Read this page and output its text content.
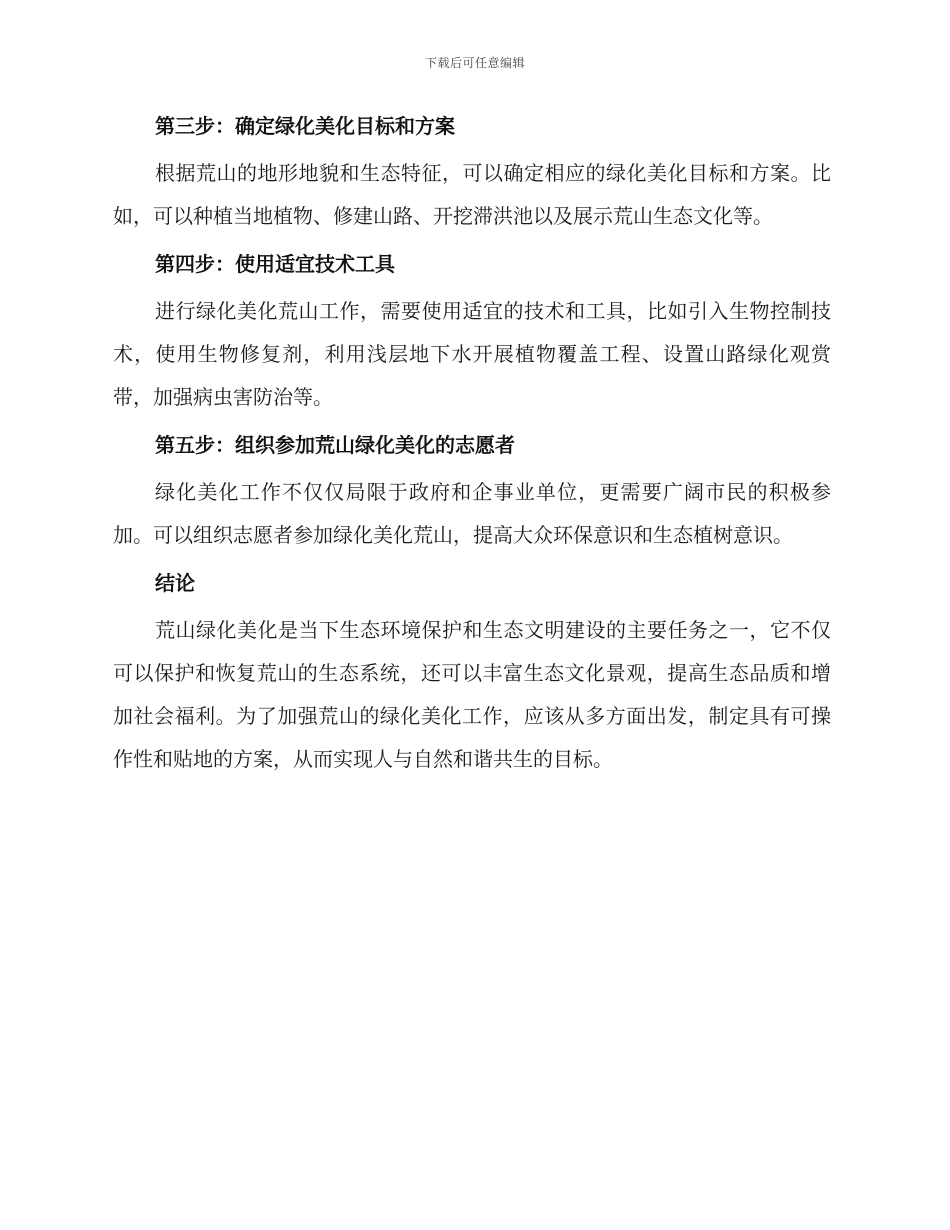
下载后可任意编辑
第三步：确定绿化美化目标和方案

根据荒山的地形地貌和生态特征，可以确定相应的绿化美化目标和方案。比如，可以种植当地植物、修建山路、开挖滞洪池以及展示荒山生态文化等。

第四步：使用适宜技术工具

进行绿化美化荒山工作，需要使用适宜的技术和工具，比如引入生物控制技术，使用生物修复剂，利用浅层地下水开展植物覆盖工程、设置山路绿化观赏带，加强病虫害防治等。

第五步：组织参加荒山绿化美化的志愿者

绿化美化工作不仅仅局限于政府和企事业单位，更需要广阔市民的积极参加。可以组织志愿者参加绿化美化荒山，提高大众环保意识和生态植树意识。

结论

荒山绿化美化是当下生态环境保护和生态文明建设的主要任务之一，它不仅可以保护和恢复荒山的生态系统，还可以丰富生态文化景观，提高生态品质和增加社会福利。为了加强荒山的绿化美化工作，应该从多方面出发，制定具有可操作性和贴地的方案，从而实现人与自然和谐共生的目标。
